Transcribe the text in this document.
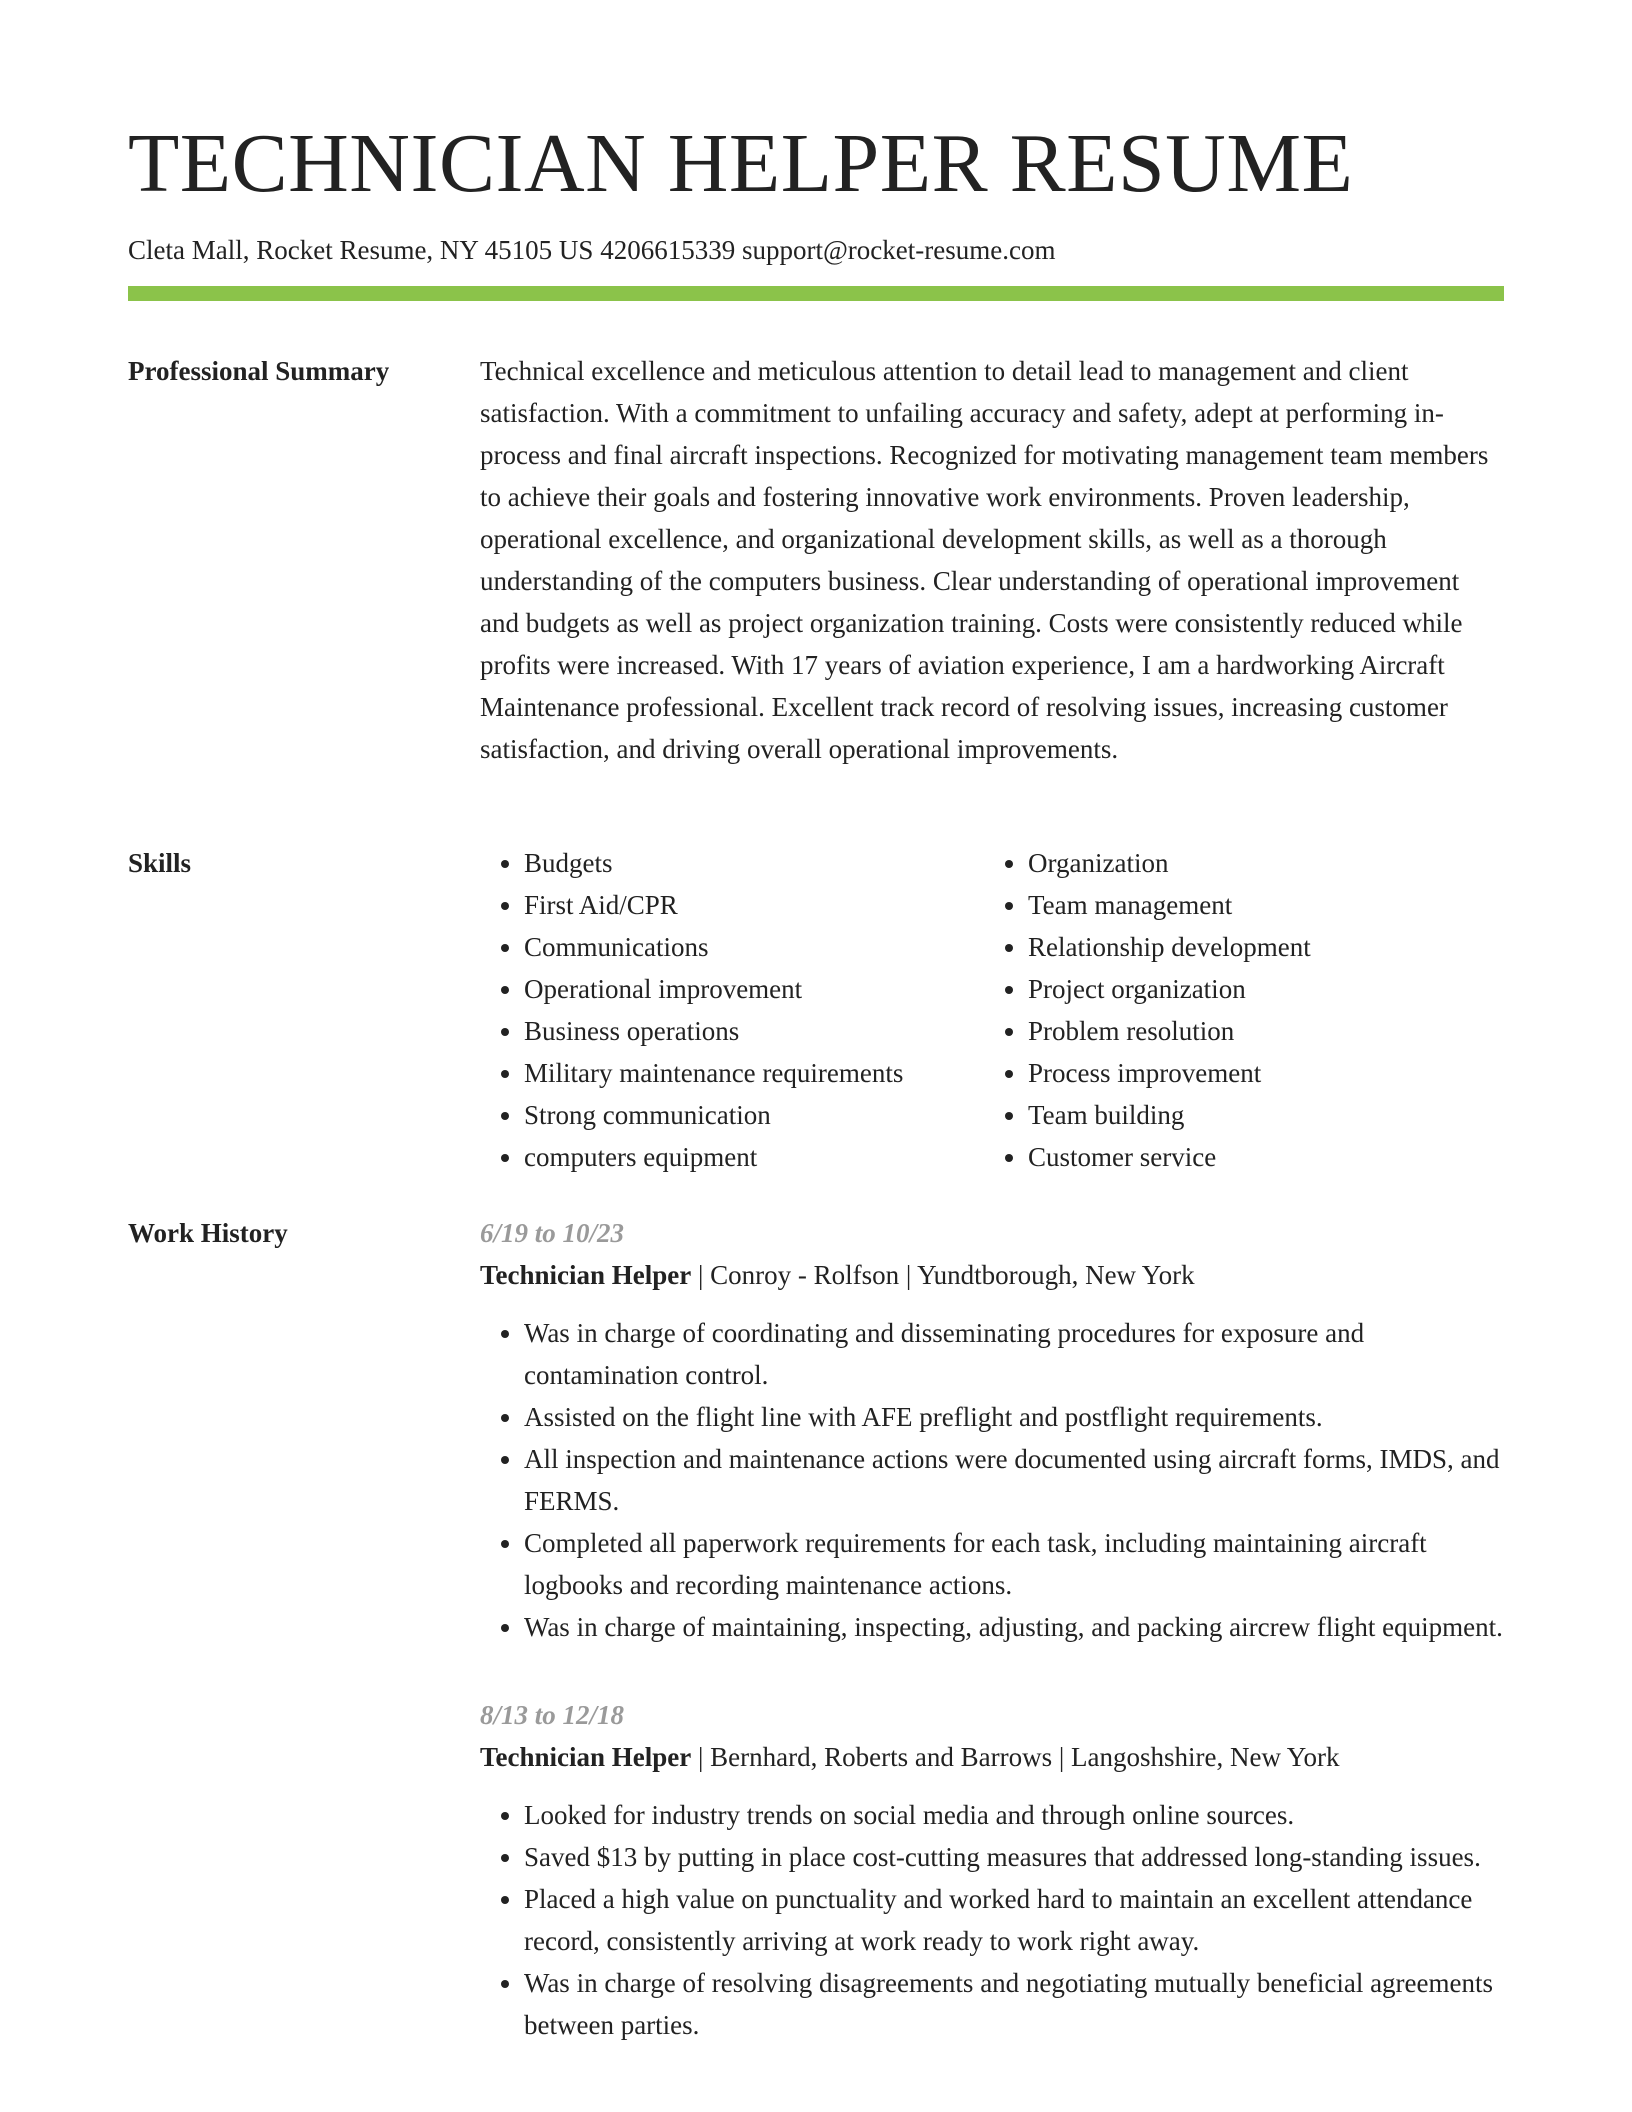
TECHNICIAN HELPER RESUME
Cleta Mall, Rocket Resume, NY 45105 US 4206615339 support@rocket-resume.com
Professional Summary	Technical excellence and meticulous attention to detail lead to management and client satisfaction. With a commitment to unfailing accuracy and safety, adept at performing in-process and final aircraft inspections. Recognized for motivating management team members to achieve their goals and fostering innovative work environments. Proven leadership, operational excellence, and organizational development skills, as well as a thorough understanding of the computers business. Clear understanding of operational improvement and budgets as well as project organization training. Costs were consistently reduced while profits were increased. With 17 years of aviation experience, I am a hardworking Aircraft Maintenance professional. Excellent track record of resolving issues, increasing customer satisfaction, and driving overall operational improvements.

Skills
•	Budgets
• First Aid/CPR
• Communications
• Operational improvement
• Business operations
• Military maintenance requirements
• Strong communication
• computers equipment
• Organization
• Team management
• Relationship development
• Project organization
• Problem resolution
• Process improvement
• Team building
• Customer service
Work History	6/19 to 10/23
Technician Helper | Conroy - Rolfson | Yundtborough, New York
• Was in charge of coordinating and disseminating procedures for exposure and contamination control.
• Assisted on the flight line with AFE preflight and postflight requirements.
• All inspection and maintenance actions were documented using aircraft forms, IMDS, and FERMS.
• Completed all paperwork requirements for each task, including maintaining aircraft logbooks and recording maintenance actions.
• Was in charge of maintaining, inspecting, adjusting, and packing aircrew flight equipment.
8/13 to 12/18
Technician Helper | Bernhard, Roberts and Barrows | Langoshshire, New York
• Looked for industry trends on social media and through online sources.
• Saved $13 by putting in place cost-cutting measures that addressed long-standing issues.
• Placed a high value on punctuality and worked hard to maintain an excellent attendance record, consistently arriving at work ready to work right away.
• Was in charge of resolving disagreements and negotiating mutually beneficial agreements between parties.
